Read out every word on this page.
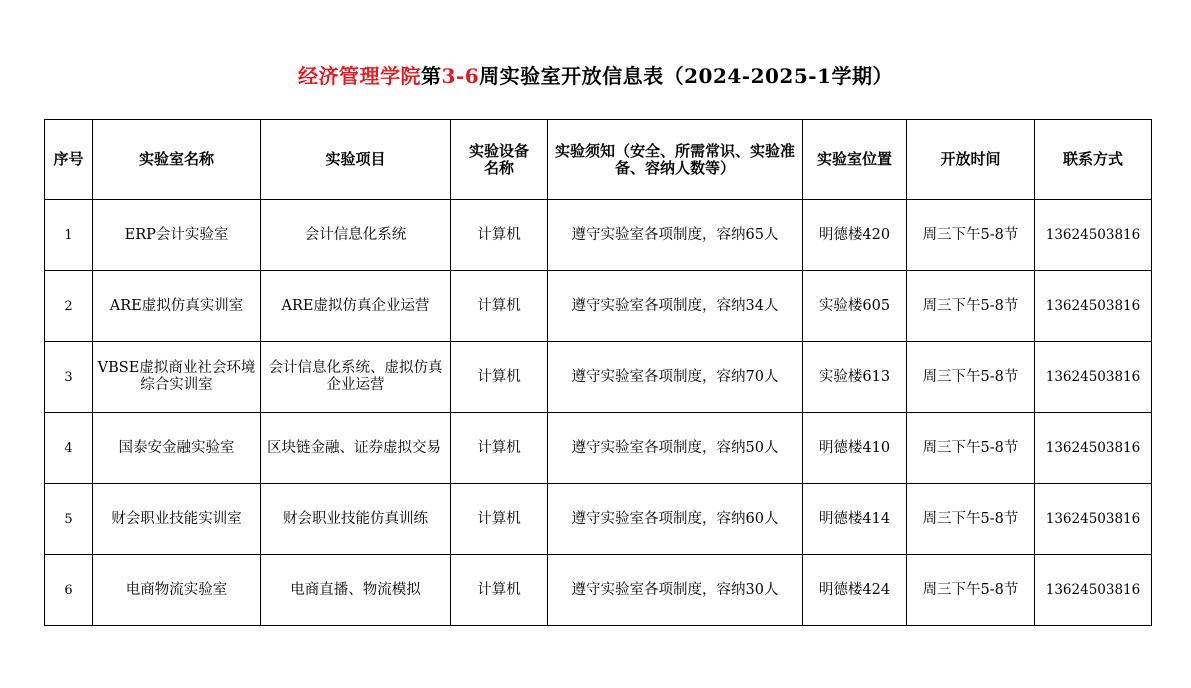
经济管理学院第3-6周实验室开放信息表（2024-2025-1学期）
序号	实验室名称	实验项目	实验设备名称	实验须知（安全、所需常识、实验准备、容纳人数等）	实验室位置	开放时间	联系方式
1	ERP会计实验室	会计信息化系统	计算机	遵守实验室各项制度，容纳65人	明德楼420	周三下午5-8节	13624503816
2	ARE虚拟仿真实训室	ARE虚拟仿真企业运营	计算机	遵守实验室各项制度，容纳34人	实验楼605	周三下午5-8节	13624503816
3	VBSE虚拟商业社会环境综合实训室	会计信息化系统、虚拟仿真企业运营	计算机	遵守实验室各项制度，容纳70人	实验楼613	周三下午5-8节	13624503816
4	国泰安金融实验室	区块链金融、证券虚拟交易	计算机	遵守实验室各项制度，容纳50人	明德楼410	周三下午5-8节	13624503816
5	财会职业技能实训室	财会职业技能仿真训练	计算机	遵守实验室各项制度，容纳60人	明德楼414	周三下午5-8节	13624503816
6	电商物流实验室	电商直播、物流模拟	计算机	遵守实验室各项制度，容纳30人	明德楼424	周三下午5-8节	13624503816
